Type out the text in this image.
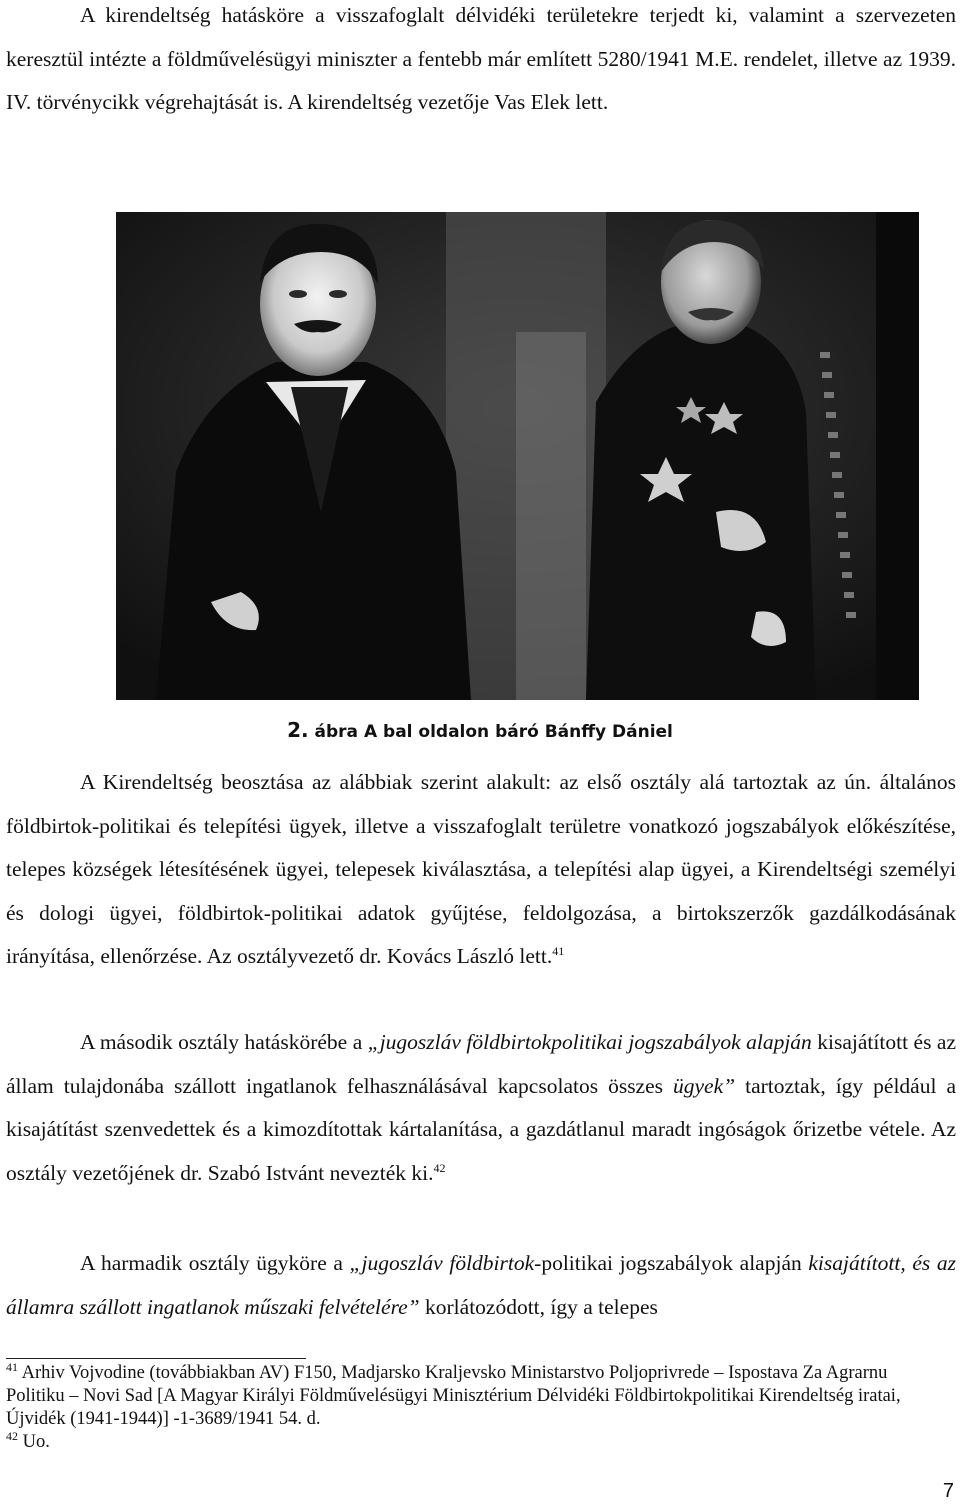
A kirendeltség hatásköre a visszafoglalt délvidéki területekre terjedt ki, valamint a szervezeten keresztül intézte a földművelésügyi miniszter a fentebb már említett 5280/1941 M.E. rendelet, illetve az 1939. IV. törvénycikk végrehajtását is. A kirendeltség vezetője Vas Elek lett.

2. ábra A bal oldalon báró Bánffy Dániel

A Kirendeltség beosztása az alábbiak szerint alakult: az első osztály alá tartoztak az ún. általános földbirtok-politikai és telepítési ügyek, illetve a visszafoglalt területre vonatkozó jogszabályok előkészítése, telepes községek létesítésének ügyei, telepesek kiválasztása, a telepítési alap ügyei, a Kirendeltségi személyi és dologi ügyei, földbirtok-politikai adatok gyűjtése, feldolgozása, a birtokszerzők gazdálkodásának irányítása, ellenőrzése. Az osztályvezető dr. Kovács László lett.$^{41}$

A második osztály hatáskörébe a „jugoszláv földbirtokpolitikai jogszabályok alapján kisajátított és az állam tulajdonába szállott ingatlanok felhasználásával kapcsolatos összes ügyek” tartoztak, így például a kisajátítást szenvedettek és a kimozdítottak kártalanítása, a gazdátlanul maradt ingóságok őrizetbe vétele. Az osztály vezetőjének dr. Szabó Istvánt nevezték ki.$^{42}$

A harmadik osztály ügyköre a „jugoszláv földbirtok-politikai jogszabályok alapján kisajátított, és az államra szállott ingatlanok műszaki felvételére” korlátozódott, így a telepes

$^{41}$ Arhiv Vojvodine (továbbiakban AV) F150, Madjarsko Kraljevsko Ministarstvo Poljoprivrede – Ispostava Za Agrarnu Politiku – Novi Sad [A Magyar Királyi Földművelésügyi Minisztérium Délvidéki Földbirtokpolitikai Kirendeltség iratai, Újvidék (1941-1944)] -1-3689/1941 54. d.

$^{42}$ Uo.

7
